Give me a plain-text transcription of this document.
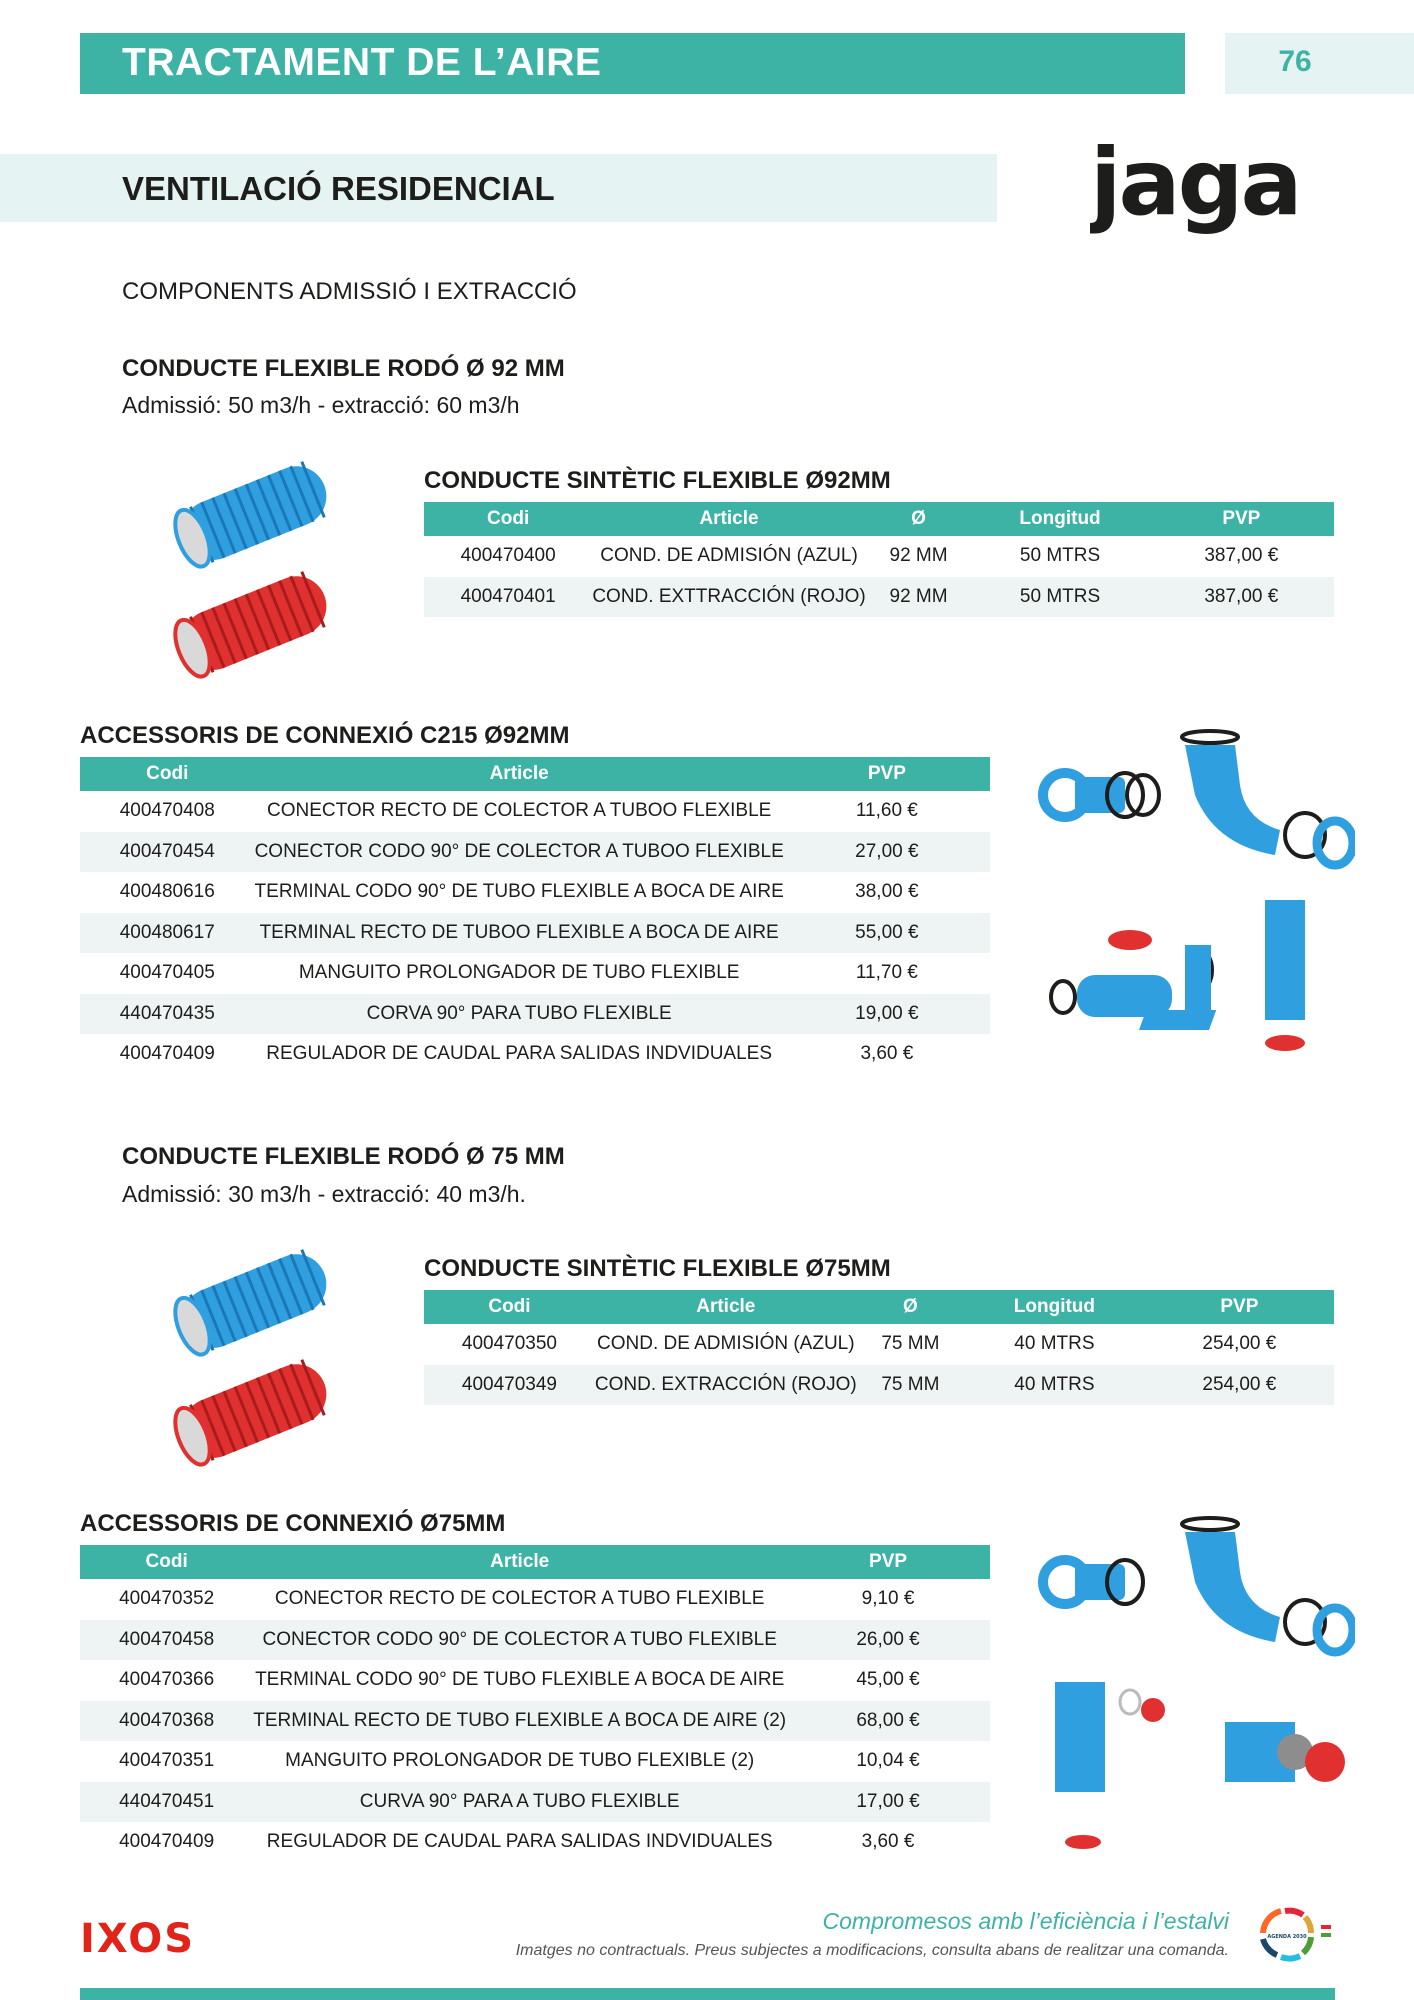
TRACTAMENT DE L’AIRE	76
VENTILACIÓ RESIDENCIAL	jaga
COMPONENTS ADMISSIÓ I EXTRACCIÓ
CONDUCTE FLEXIBLE RODÓ Ø 92 MM
Admissió: 50 m3/h - extracció: 60 m3/h
CONDUCTE SINTÈTIC FLEXIBLE Ø92MM
Codi	Article	Ø	Longitud	PVP
400470400	COND. DE ADMISIÓN (AZUL)	92 MM	50 MTRS	387,00 €
400470401	COND. EXTTRACCIÓN (ROJO)	92 MM	50 MTRS	387,00 €
ACCESSORIS DE CONNEXIÓ C215 Ø92MM
Codi	Article	PVP
400470408	CONECTOR RECTO DE COLECTOR A TUBOO FLEXIBLE	11,60 €
400470454	CONECTOR CODO 90° DE COLECTOR A TUBOO FLEXIBLE	27,00 €
400480616	TERMINAL CODO 90° DE TUBO FLEXIBLE A BOCA DE AIRE	38,00 €
400480617	TERMINAL RECTO DE TUBOO FLEXIBLE A BOCA DE AIRE	55,00 €
400470405	MANGUITO PROLONGADOR DE TUBO FLEXIBLE	11,70 €
440470435	CORVA 90° PARA TUBO FLEXIBLE	19,00 €
400470409	REGULADOR DE CAUDAL PARA SALIDAS INDVIDUALES	3,60 €
CONDUCTE FLEXIBLE RODÓ Ø 75 MM
Admissió: 30 m3/h - extracció: 40 m3/h.
CONDUCTE SINTÈTIC FLEXIBLE Ø75MM
Codi	Article	Ø	Longitud	PVP
400470350	COND. DE ADMISIÓN (AZUL)	75 MM	40 MTRS	254,00 €
400470349	COND. EXTRACCIÓN (ROJO)	75 MM	40 MTRS	254,00 €
ACCESSORIS DE CONNEXIÓ Ø75MM
Codi	Article	PVP
400470352	CONECTOR RECTO DE COLECTOR A TUBO FLEXIBLE	9,10 €
400470458	CONECTOR CODO 90° DE COLECTOR A TUBO FLEXIBLE	26,00 €
400470366	TERMINAL CODO 90° DE TUBO FLEXIBLE A BOCA DE AIRE	45,00 €
400470368	TERMINAL RECTO DE TUBO FLEXIBLE A BOCA DE AIRE (2)	68,00 €
400470351	MANGUITO PROLONGADOR DE TUBO FLEXIBLE (2)	10,04 €
440470451	CURVA 90° PARA A TUBO FLEXIBLE	17,00 €
400470409	REGULADOR DE CAUDAL PARA SALIDAS INDVIDUALES	3,60 €
IXOS	Compromesos amb l’eficiència i l’estalvi
Imatges no contractuals. Preus subjectes a modificacions, consulta abans de realitzar una comanda.
AGENDA 2030
